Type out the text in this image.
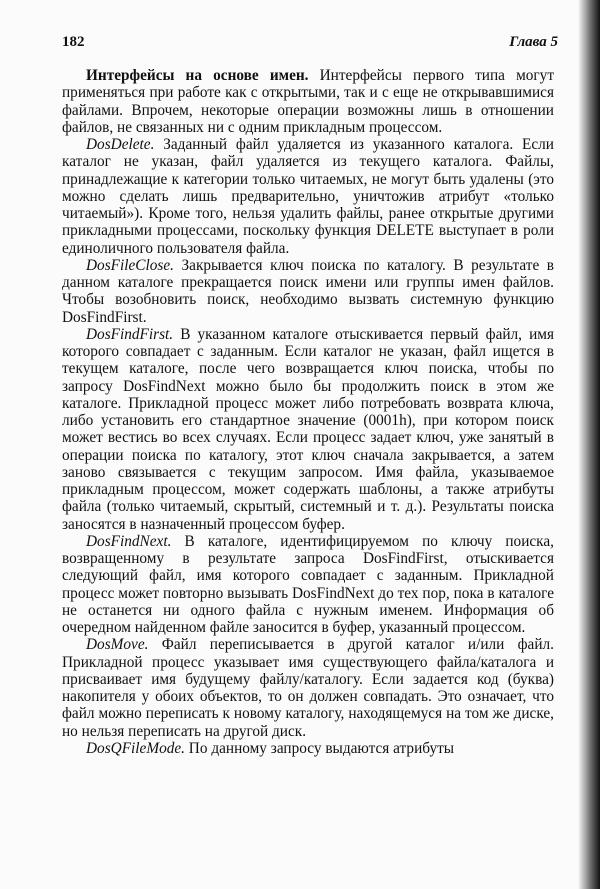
182	Глава 5

Интерфейсы на основе имен. Интерфейсы первого типа могут применяться при работе как с открытыми, так и с еще не открывавшимися файлами. Впрочем, некоторые операции возможны лишь в отношении файлов, не связанных ни с одним прикладным процессом.

DosDelete. Заданный файл удаляется из указанного каталога. Если каталог не указан, файл удаляется из текущего каталога. Файлы, принадлежащие к категории только читаемых, не могут быть удалены (это можно сделать лишь предварительно, уничтожив атрибут «только читаемый»). Кроме того, нельзя удалить файлы, ранее открытые другими прикладными процессами, поскольку функция DELETE выступает в роли единоличного пользователя файла.

DosFileClose. Закрывается ключ поиска по каталогу. В результате в данном каталоге прекращается поиск имени или группы имен файлов. Чтобы возобновить поиск, необходимо вызвать системную функцию DosFindFirst.

DosFindFirst. В указанном каталоге отыскивается первый файл, имя которого совпадает с заданным. Если каталог не указан, файл ищется в текущем каталоге, после чего возвращается ключ поиска, чтобы по запросу DosFindNext можно было бы продолжить поиск в этом же каталоге. Прикладной процесс может либо потребовать возврата ключа, либо установить его стандартное значение (0001h), при котором поиск может вестись во всех случаях. Если процесс задает ключ, уже занятый в операции поиска по каталогу, этот ключ сначала закрывается, а затем заново связывается с текущим запросом. Имя файла, указываемое прикладным процессом, может содержать шаблоны, а также атрибуты файла (только читаемый, скрытый, системный и т. д.). Результаты поиска заносятся в назначенный процессом буфер.

DosFindNext. В каталоге, идентифицируемом по ключу поиска, возвращенному в результате запроса DosFindFirst, отыскивается следующий файл, имя которого совпадает с заданным. Прикладной процесс может повторно вызывать DosFindNext до тех пор, пока в каталоге не останется ни одного файла с нужным именем. Информация об очередном найденном файле заносится в буфер, указанный процессом.

DosMove. Файл переписывается в другой каталог и/или файл. Прикладной процесс указывает имя существующего файла/каталога и присваивает имя будущему файлу/каталогу. Если задается код (буква) накопителя у обоих объектов, то он должен совпадать. Это означает, что файл можно переписать к новому каталогу, находящемуся на том же диске, но нельзя переписать на другой диск.

DosQFileMode. По данному запросу выдаются атрибуты
